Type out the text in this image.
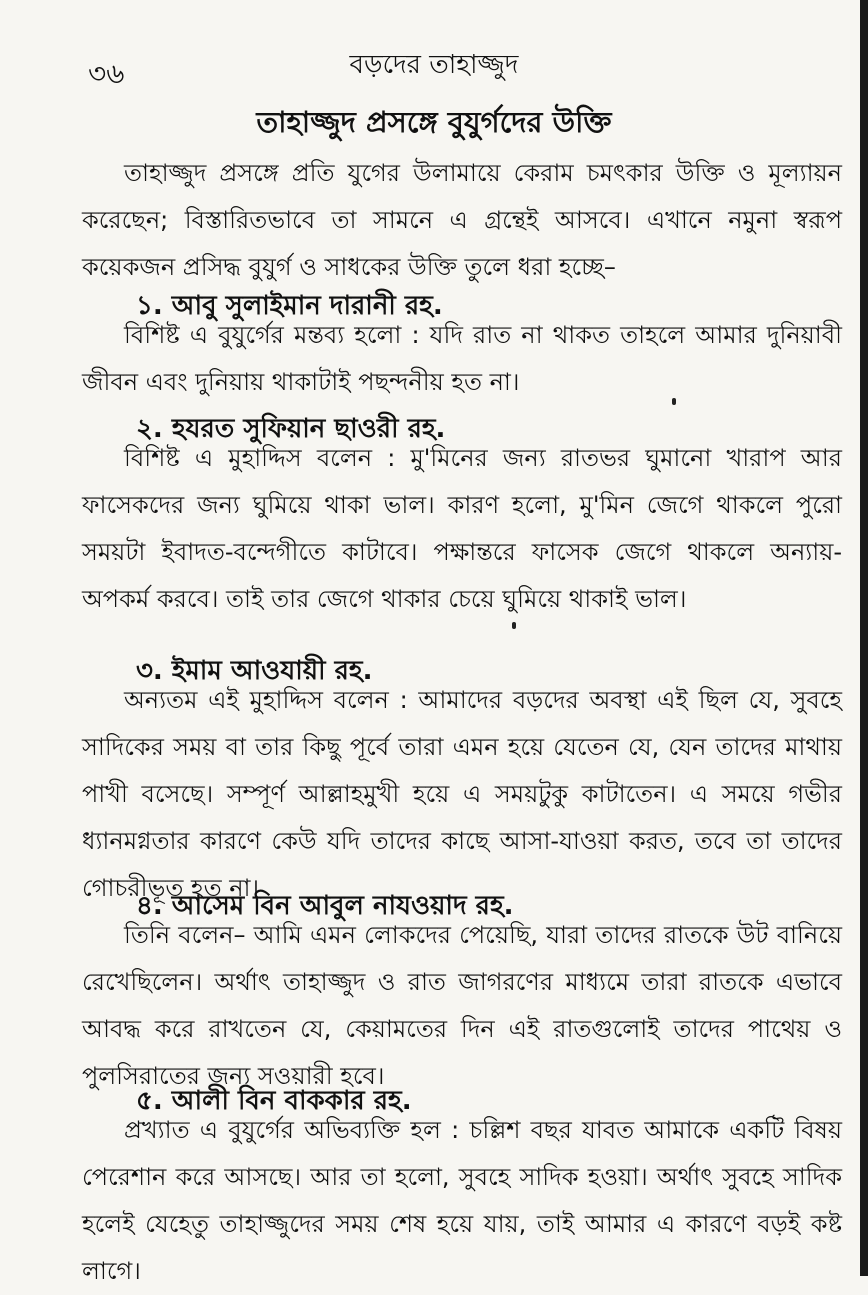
৩৬	বড়দের তাহাজ্জুদ
তাহাজ্জুদ প্রসঙ্গে বুযুর্গদের উক্তি

তাহাজ্জুদ প্রসঙ্গে প্রতি যুগের উলামায়ে কেরাম চমৎকার উক্তি ও মূল্যায়ন করেছেন; বিস্তারিতভাবে তা সামনে এ গ্রন্থেই আসবে। এখানে নমুনা স্বরূপ কয়েকজন প্রসিদ্ধ বুযুর্গ ও সাধকের উক্তি তুলে ধরা হচ্ছে–

১. আবু সুলাইমান দারানী রহ.

বিশিষ্ট এ বুযুর্গের মন্তব্য হলো : যদি রাত না থাকত তাহলে আমার দুনিয়াবী জীবন এবং দুনিয়ায় থাকাটাই পছন্দনীয় হত না।

২. হযরত সুফিয়ান ছাওরী রহ.

বিশিষ্ট এ মুহাদ্দিস বলেন : মু'মিনের জন্য রাতভর ঘুমানো খারাপ আর ফাসেকদের জন্য ঘুমিয়ে থাকা ভাল। কারণ হলো, মু'মিন জেগে থাকলে পুরো সময়টা ইবাদত-বন্দেগীতে কাটাবে। পক্ষান্তরে ফাসেক জেগে থাকলে অন্যায়-অপকর্ম করবে। তাই তার জেগে থাকার চেয়ে ঘুমিয়ে থাকাই ভাল।

৩. ইমাম আওযায়ী রহ.

অন্যতম এই মুহাদ্দিস বলেন : আমাদের বড়দের অবস্থা এই ছিল যে, সুবহে সাদিকের সময় বা তার কিছু পূর্বে তারা এমন হয়ে যেতেন যে, যেন তাদের মাথায় পাখী বসেছে। সম্পূর্ণ আল্লাহমুখী হয়ে এ সময়টুকু কাটাতেন। এ সময়ে গভীর ধ্যানমগ্নতার কারণে কেউ যদি তাদের কাছে আসা-যাওয়া করত, তবে তা তাদের গোচরীভূত হত না।

৪. আসেম বিন আবুল নাযওয়াদ রহ.

তিনি বলেন– আমি এমন লোকদের পেয়েছি, যারা তাদের রাতকে উট বানিয়ে রেখেছিলেন। অর্থাৎ তাহাজ্জুদ ও রাত জাগরণের মাধ্যমে তারা রাতকে এভাবে আবদ্ধ করে রাখতেন যে, কেয়ামতের দিন এই রাতগুলোই তাদের পাথেয় ও পুলসিরাতের জন্য সওয়ারী হবে।

৫. আলী বিন বাককার রহ.

প্রখ্যাত এ বুযুর্গের অভিব্যক্তি হল : চল্লিশ বছর যাবত আমাকে একটি বিষয় পেরেশান করে আসছে। আর তা হলো, সুবহে সাদিক হওয়া। অর্থাৎ সুবহে সাদিক হলেই যেহেতু তাহাজ্জুদের সময় শেষ হয়ে যায়, তাই আমার এ কারণে বড়ই কষ্ট লাগে।
